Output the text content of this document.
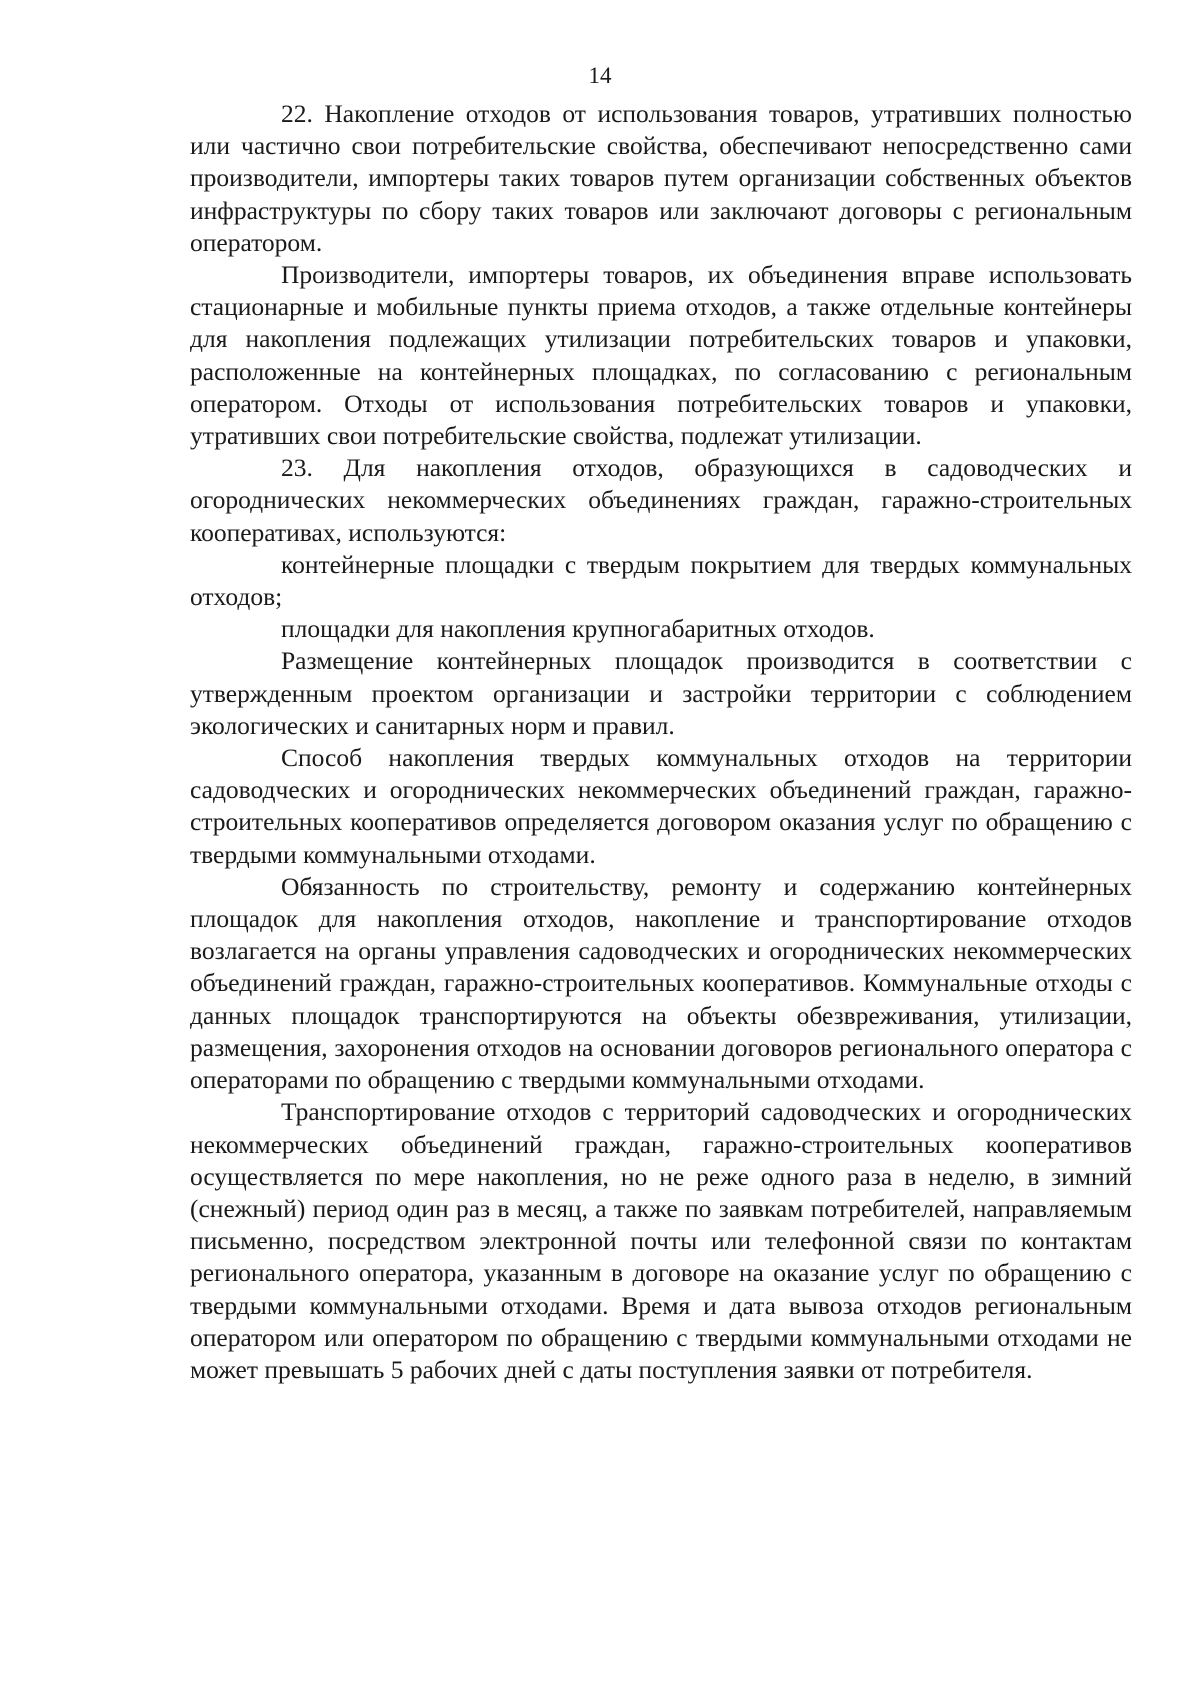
14

22. Накопление отходов от использования товаров, утративших полностью или частично свои потребительские свойства, обеспечивают непосредственно сами производители, импортеры таких товаров путем организации собственных объектов инфраструктуры по сбору таких товаров или заключают договоры с региональным оператором.

Производители, импортеры товаров, их объединения вправе использовать стационарные и мобильные пункты приема отходов, а также отдельные контейнеры для накопления подлежащих утилизации потребительских товаров и упаковки, расположенные на контейнерных площадках, по согласованию с региональным оператором. Отходы от использования потребительских товаров и упаковки, утративших свои потребительские свойства, подлежат утилизации.

23. Для накопления отходов, образующихся в садоводческих и огороднических некоммерческих объединениях граждан, гаражно-строительных кооперативах, используются:

контейнерные площадки с твердым покрытием для твердых коммунальных отходов;

площадки для накопления крупногабаритных отходов.

Размещение контейнерных площадок производится в соответствии с утвержденным проектом организации и застройки территории с соблюдением экологических и санитарных норм и правил.

Способ накопления твердых коммунальных отходов на территории садоводческих и огороднических некоммерческих объединений граждан, гаражно-строительных кооперативов определяется договором оказания услуг по обращению с твердыми коммунальными отходами.

Обязанность по строительству, ремонту и содержанию контейнерных площадок для накопления отходов, накопление и транспортирование отходов возлагается на органы управления садоводческих и огороднических некоммерческих объединений граждан, гаражно-строительных кооперативов. Коммунальные отходы с данных площадок транспортируются на объекты обезвреживания, утилизации, размещения, захоронения отходов на основании договоров регионального оператора с операторами по обращению с твердыми коммунальными отходами.

Транспортирование отходов с территорий садоводческих и огороднических некоммерческих объединений граждан, гаражно-строительных кооперативов осуществляется по мере накопления, но не реже одного раза в неделю, в зимний (снежный) период один раз в месяц, а также по заявкам потребителей, направляемым письменно, посредством электронной почты или телефонной связи по контактам регионального оператора, указанным в договоре на оказание услуг по обращению с твердыми коммунальными отходами. Время и дата вывоза отходов региональным оператором или оператором по обращению с твердыми коммунальными отходами не может превышать 5 рабочих дней с даты поступления заявки от потребителя.
